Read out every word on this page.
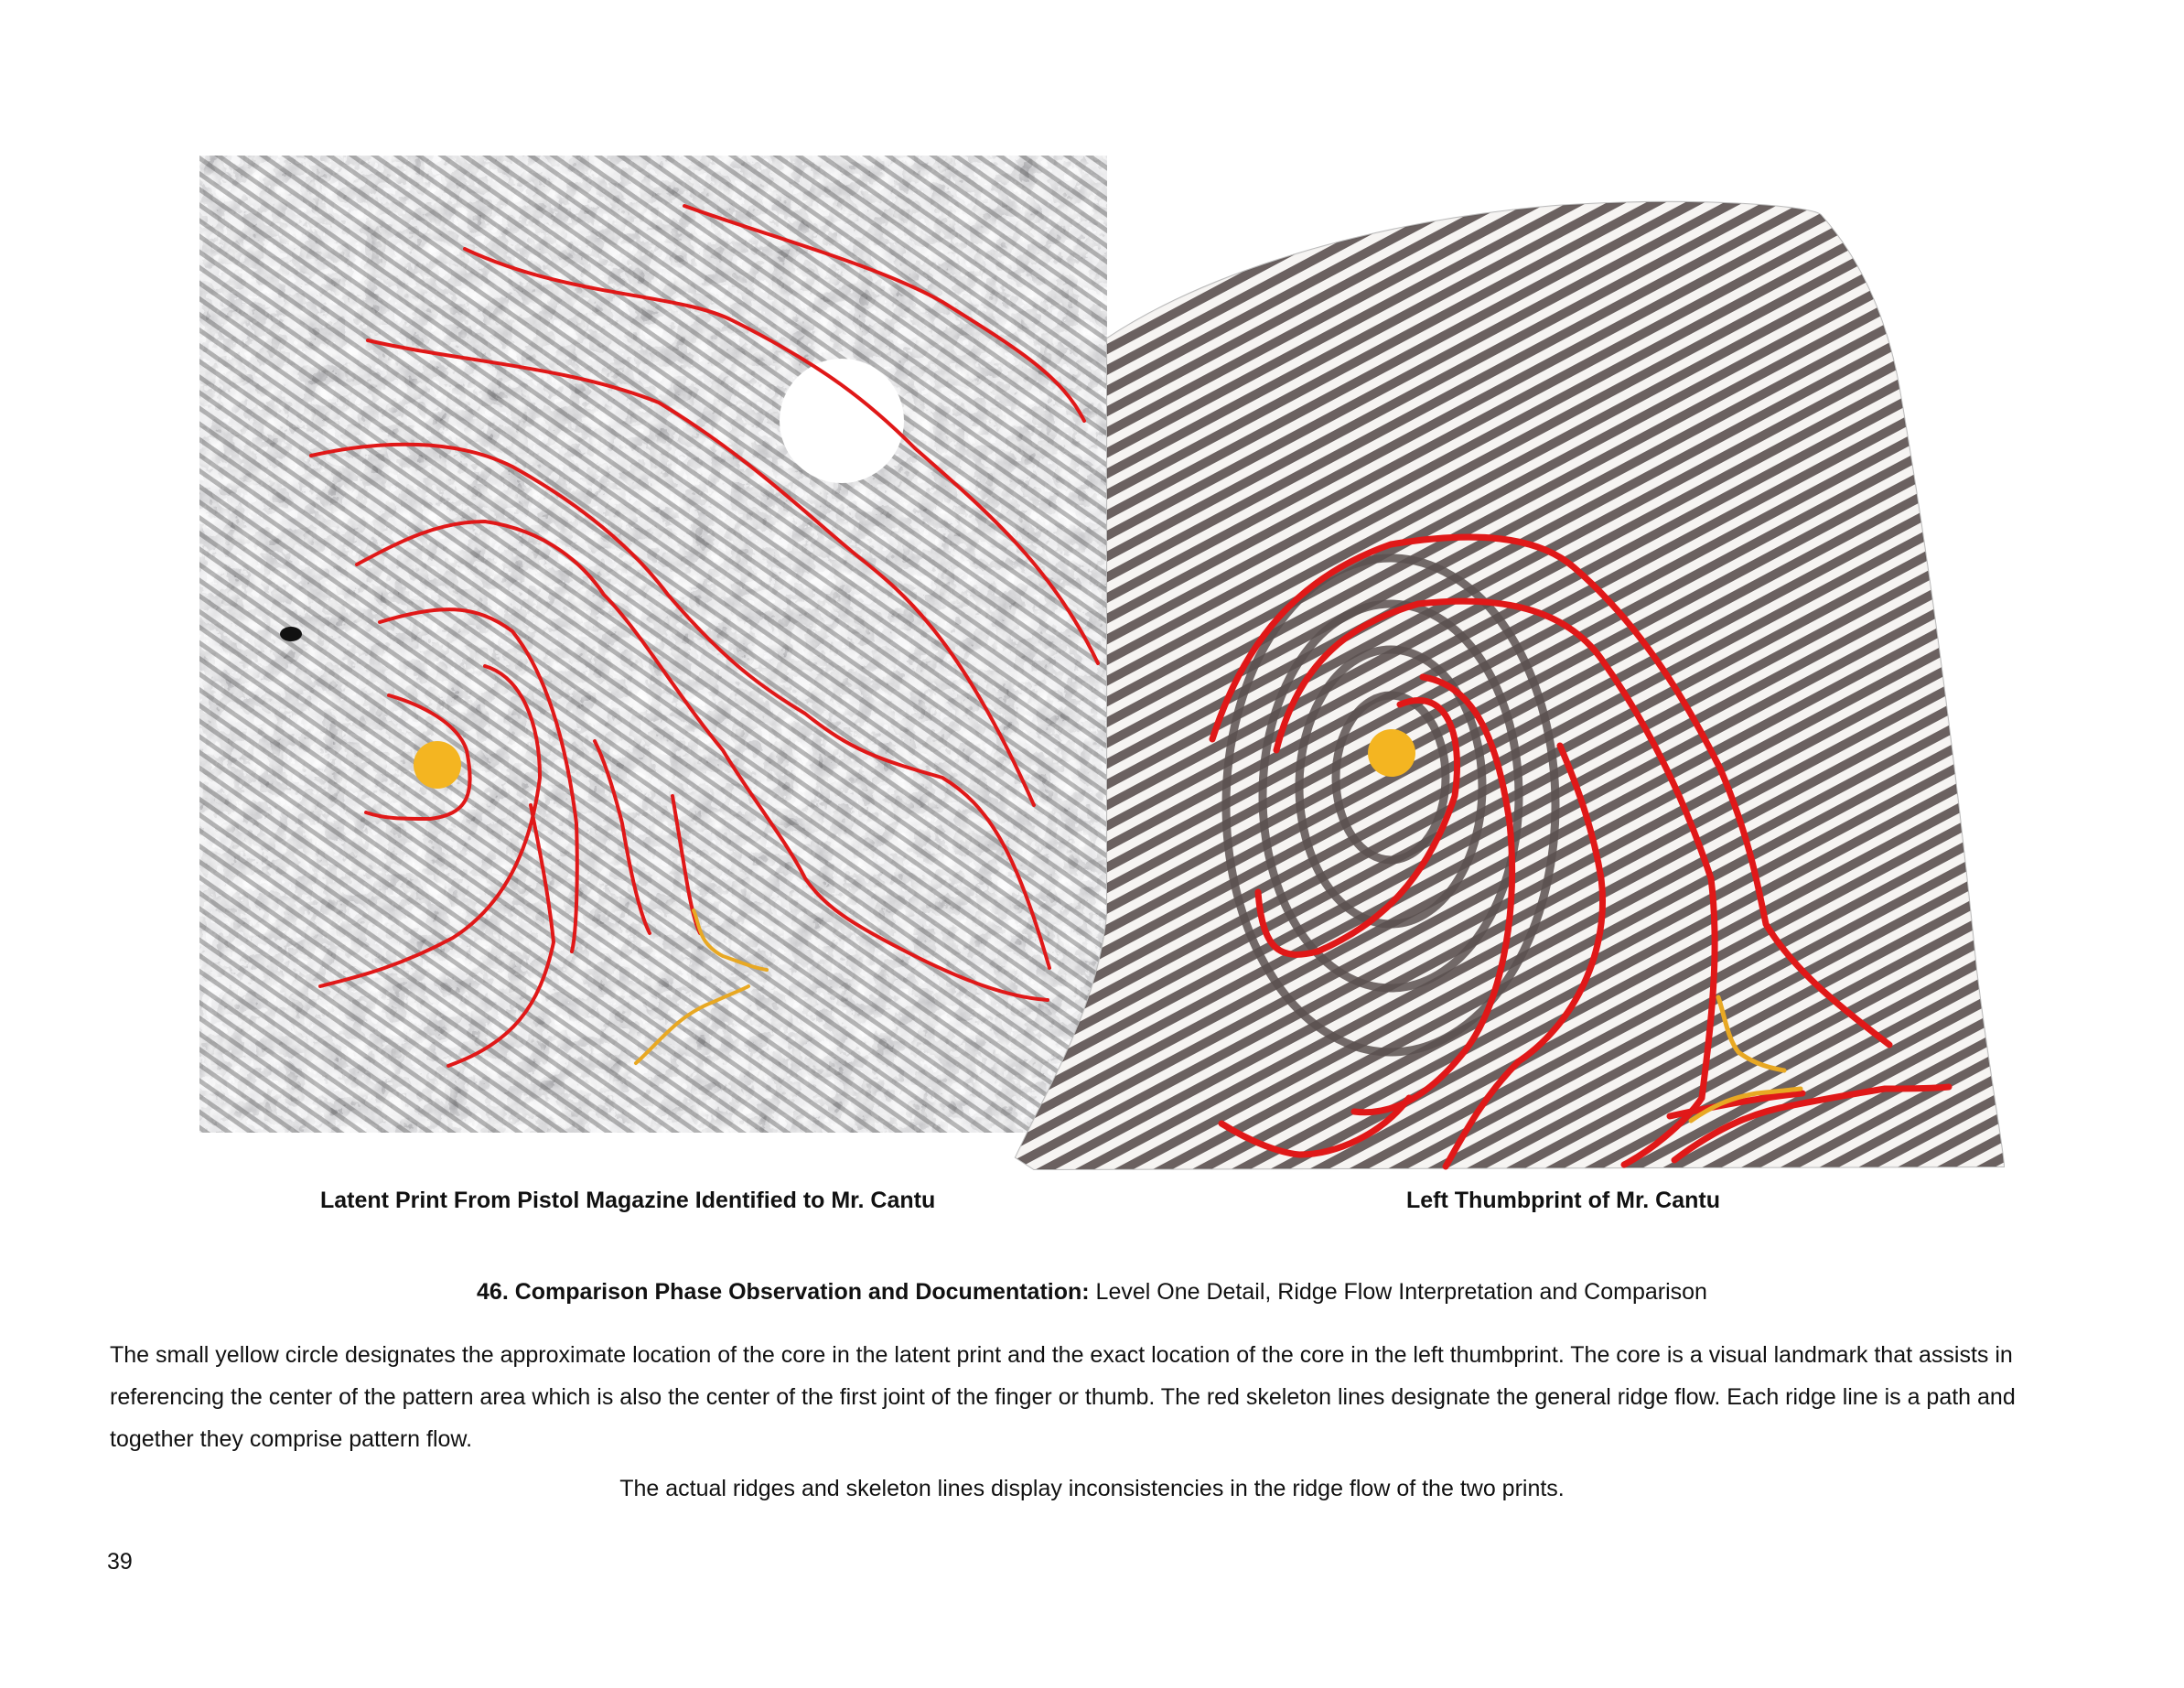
Latent Print From Pistol Magazine Identified to Mr. Cantu	Left Thumbprint of Mr. Cantu
46. Comparison Phase Observation and Documentation: Level One Detail, Ridge Flow Interpretation and Comparison

The small yellow circle designates the approximate location of the core in the latent print and the exact location of the core in the left thumbprint. The core is a visual landmark that assists in referencing the center of the pattern area which is also the center of the first joint of the finger or thumb. The red skeleton lines designate the general ridge flow. Each ridge line is a path and together they comprise pattern flow.

The actual ridges and skeleton lines display inconsistencies in the ridge flow of the two prints.
39
